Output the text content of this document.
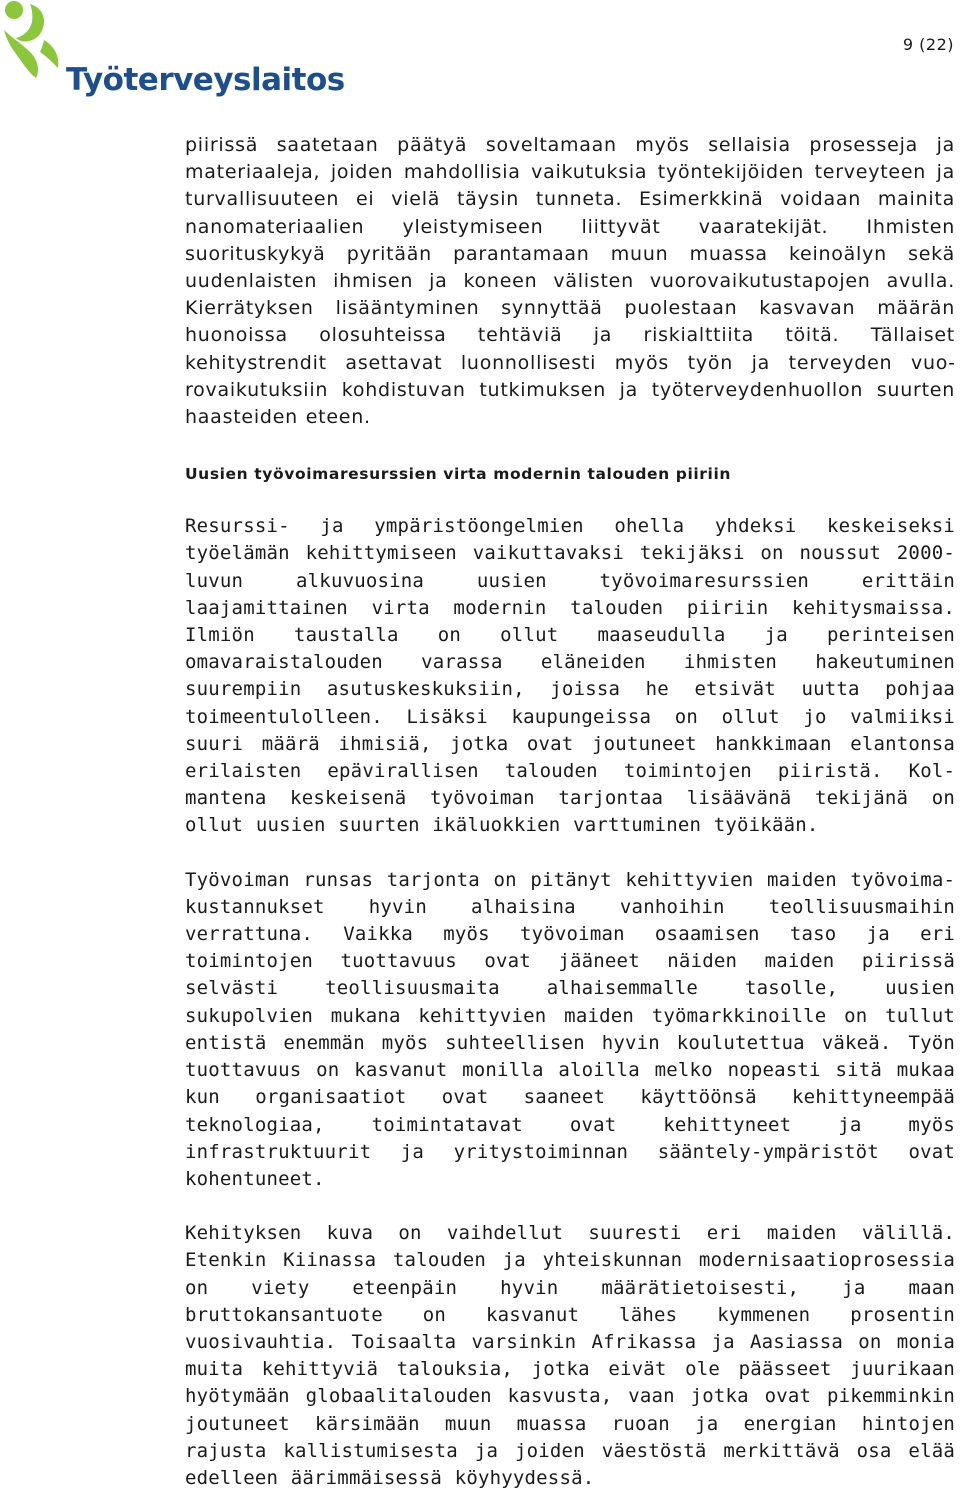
Työterveyslaitos
9 (22)

piirissä saatetaan päätyä soveltamaan myös sellaisia prosesseja ja materiaaleja, joiden mahdollisia vaikutuksia työntekijöiden terveyteen ja turvallisuuteen ei vielä täysin tunneta. Esimerkkinä voidaan mainita nanomateriaalien yleistymiseen liittyvät vaaratekijät. Ihmisten suorituskykyä pyritään parantamaan muun muassa keinoälyn sekä uudenlaisten ihmisen ja koneen välisten vuorovaikutustapojen avulla. Kierrätyksen lisääntyminen synnyttää puolestaan kasvavan määrän huonoissa olosuhteissa tehtäviä ja riskialttiita töitä. Tällaiset kehitystrendit asettavat luonnollisesti myös työn ja terveyden vuorovaikutuksiin kohdistuvan tutkimuksen ja työterveydenhuollon suurten haasteiden eteen.

Uusien työvoimaresurssien virta modernin talouden piiriin

Resurssi- ja ympäristöongelmien ohella yhdeksi keskeiseksi työelämän kehittymiseen vaikuttavaksi tekijäksi on noussut 2000-luvun alkuvuosina uusien työvoimaresurssien erittäin laajamittainen virta modernin talouden piiriin kehitysmaissa. Ilmiön taustalla on ollut maaseudulla ja perinteisen omavaraistalouden varassa eläneiden ihmisten hakeutuminen suurempiin asutuskeskuksiin, joissa he etsivät uutta pohjaa toimeentulolleen. Lisäksi kaupungeissa on ollut jo valmiiksi suuri määrä ihmisiä, jotka ovat joutuneet hankkimaan elantonsa erilaisten epävirallisen talouden toimintojen piiristä. Kolmantena keskeisenä työvoiman tarjontaa lisäävänä tekijänä on ollut uusien suurten ikäluokkien varttuminen työikään.

Työvoiman runsas tarjonta on pitänyt kehittyvien maiden työvoimakustannukset hyvin alhaisina vanhoihin teollisuusmaihin verrattuna. Vaikka myös työvoiman osaamisen taso ja eri toimintojen tuottavuus ovat jääneet näiden maiden piirissä selvästi teollisuusmaita alhaisemmalle tasolle, uusien sukupolvien mukana kehittyvien maiden työmarkkinoille on tullut entistä enemmän myös suhteellisen hyvin koulutettua väkeä. Työn tuottavuus on kasvanut monilla aloilla melko nopeasti sitä mukaa kun organisaatiot ovat saaneet käyttöönsä kehittyneempää teknologiaa, toimintatavat ovat kehittyneet ja myös infrastruktuurit ja yritystoiminnan sääntely-ympäristöt ovat kohentuneet.

Kehityksen kuva on vaihdellut suuresti eri maiden välillä. Etenkin Kiinassa talouden ja yhteiskunnan modernisaatioprosessia on viety eteenpäin hyvin määrätietoisesti, ja maan bruttokansantuote on kasvanut lähes kymmenen prosentin vuosivauhtia. Toisaalta varsinkin Afrikassa ja Aasiassa on monia muita kehittyviä talouksia, jotka eivät ole päässeet juurikaan hyötymään globaalitalouden kasvusta, vaan jotka ovat pikemminkin joutuneet kärsimään muun muassa ruoan ja energian hintojen rajusta kallistumisesta ja joiden väestöstä merkittävä osa elää edelleen äärimmäisessä köyhyydessä.
